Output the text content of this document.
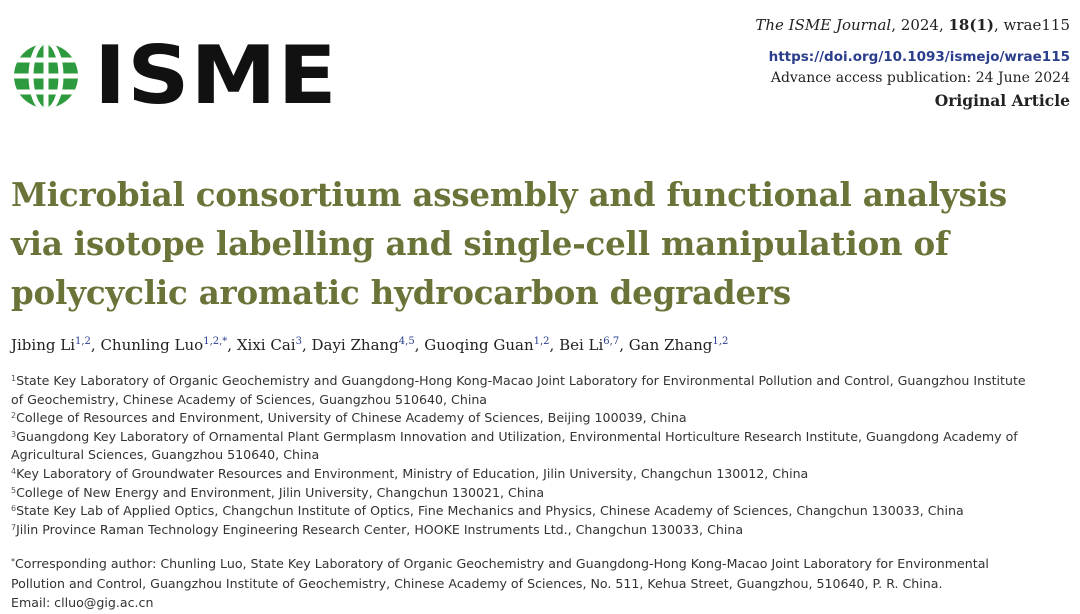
ISME
The ISME Journal, 2024, 18(1), wrae115
https://doi.org/10.1093/ismejo/wrae115
Advance access publication: 24 June 2024
Original Article
Microbial consortium assembly and functional analysis
via isotope labelling and single-cell manipulation of
polycyclic aromatic hydrocarbon degraders
Jibing Li$^{1,2}$, Chunling Luo$^{1,2,*}$, Xixi Cai$^3$, Dayi Zhang$^{4,5}$, Guoqing Guan$^{1,2}$, Bei Li$^{6,7}$, Gan Zhang$^{1,2}$

$^1$State Key Laboratory of Organic Geochemistry and Guangdong-Hong Kong-Macao Joint Laboratory for Environmental Pollution and Control, Guangzhou Institute
of Geochemistry, Chinese Academy of Sciences, Guangzhou 510640, China

$^2$College of Resources and Environment, University of Chinese Academy of Sciences, Beijing 100039, China

$^3$Guangdong Key Laboratory of Ornamental Plant Germplasm Innovation and Utilization, Environmental Horticulture Research Institute, Guangdong Academy of
Agricultural Sciences, Guangzhou 510640, China

$^4$Key Laboratory of Groundwater Resources and Environment, Ministry of Education, Jilin University, Changchun 130012, China

$^5$College of New Energy and Environment, Jilin University, Changchun 130021, China

$^6$State Key Lab of Applied Optics, Changchun Institute of Optics, Fine Mechanics and Physics, Chinese Academy of Sciences, Changchun 130033, China

$^7$Jilin Province Raman Technology Engineering Research Center, HOOKE Instruments Ltd., Changchun 130033, China

*Corresponding author: Chunling Luo, State Key Laboratory of Organic Geochemistry and Guangdong-Hong Kong-Macao Joint Laboratory for Environmental
Pollution and Control, Guangzhou Institute of Geochemistry, Chinese Academy of Sciences, No. 511, Kehua Street, Guangzhou, 510640, P. R. China.

Email: clluo@gig.ac.cn
